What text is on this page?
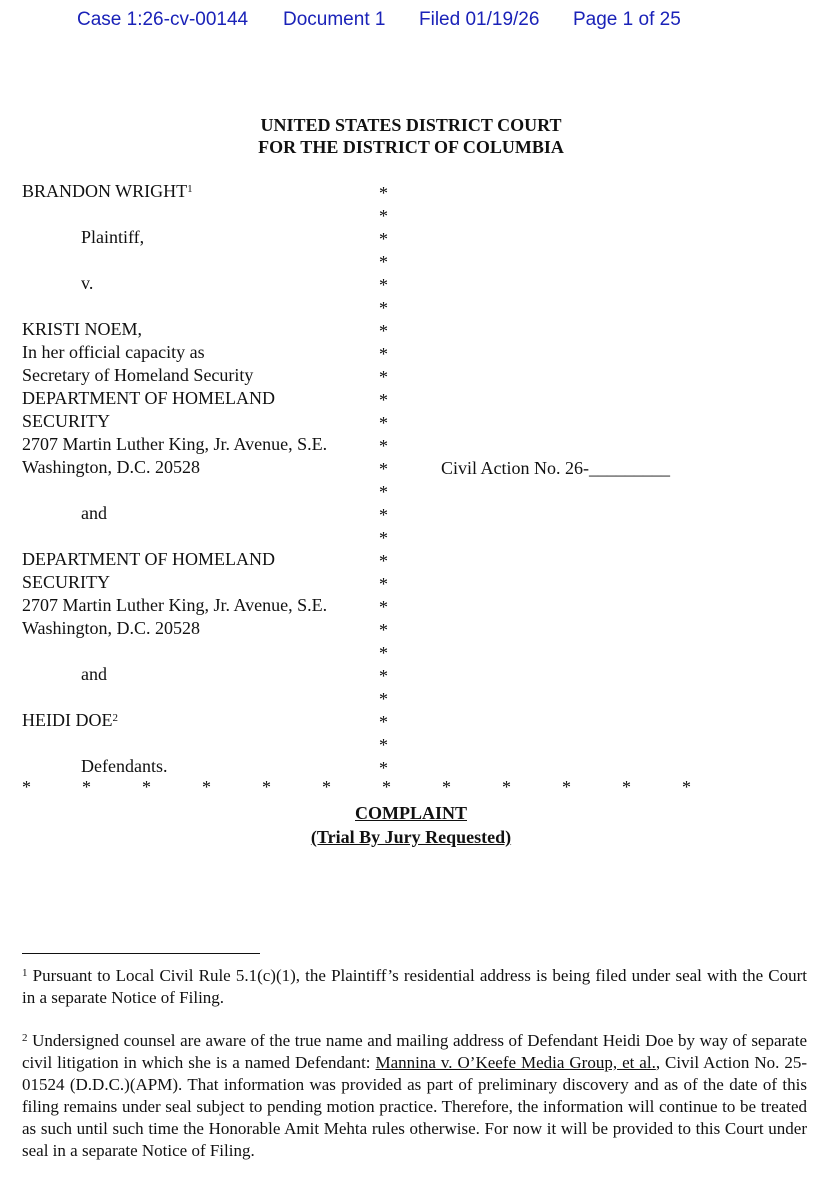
Case 1:26-cv-00144 Document 1 Filed 01/19/26 Page 1 of 25
UNITED STATES DISTRICT COURT
FOR THE DISTRICT OF COLUMBIA
BRANDON WRIGHT$^1$
Plaintiff,
v.
KRISTI NOEM,
In her official capacity as
Secretary of Homeland Security
DEPARTMENT OF HOMELAND
SECURITY
2707 Martin Luther King, Jr. Avenue, S.E.
Washington, D.C. 20528
and
DEPARTMENT OF HOMELAND
SECURITY
2707 Martin Luther King, Jr. Avenue, S.E.
Washington, D.C. 20528
and
HEIDI DOE$^2$
Defendants.
*
*
*
*
*
*
*
*
*
*
*
*
*
*
*
*
*
*
*
*
*
*
*
*
*
*
*	*	*	*	*	*	*	*	*	*	*	*
Civil Action No. 26-_________
COMPLAINT
(Trial By Jury Requested)
$^1$ Pursuant to Local Civil Rule 5.1(c)(1), the Plaintiff’s residential address is being filed under seal with the Court in a separate Notice of Filing.
$^2$ Undersigned counsel are aware of the true name and mailing address of Defendant Heidi Doe by way of separate civil litigation in which she is a named Defendant: Mannina v. O’Keefe Media Group, et al., Civil Action No. 25-01524 (D.D.C.)(APM). That information was provided as part of preliminary discovery and as of the date of this filing remains under seal subject to pending motion practice. Therefore, the information will continue to be treated as such until such time the Honorable Amit Mehta rules otherwise. For now it will be provided to this Court under seal in a separate Notice of Filing.
